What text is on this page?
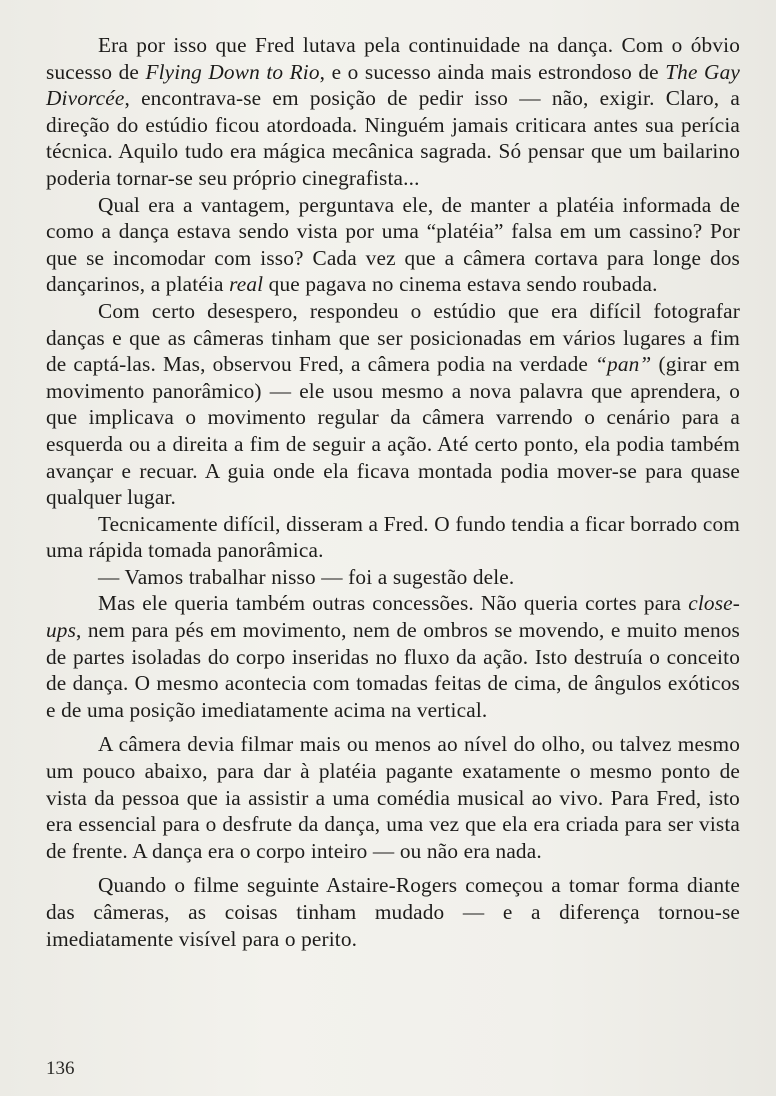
Era por isso que Fred lutava pela continuidade na dança. Com o óbvio sucesso de Flying Down to Rio, e o sucesso ainda mais estrondoso de The Gay Divorcée, encontrava-se em posição de pedir isso — não, exigir. Claro, a direção do estúdio ficou atordoada. Ninguém jamais criticara antes sua perícia técnica. Aquilo tudo era mágica mecânica sagrada. Só pensar que um bailarino poderia tornar-se seu próprio cinegrafista...

Qual era a vantagem, perguntava ele, de manter a platéia informada de como a dança estava sendo vista por uma “platéia” falsa em um cassino? Por que se incomodar com isso? Cada vez que a câmera cortava para longe dos dançarinos, a platéia real que pagava no cinema estava sendo roubada.

Com certo desespero, respondeu o estúdio que era difícil fotografar danças e que as câmeras tinham que ser posicionadas em vários lugares a fim de captá-las. Mas, observou Fred, a câmera podia na verdade “pan” (girar em movimento panorâmico) — ele usou mesmo a nova palavra que aprendera, o que implicava o movimento regular da câmera varrendo o cenário para a esquerda ou a direita a fim de seguir a ação. Até certo ponto, ela podia também avançar e recuar. A guia onde ela ficava montada podia mover-se para quase qualquer lugar.

Tecnicamente difícil, disseram a Fred. O fundo tendia a ficar borrado com uma rápida tomada panorâmica.

— Vamos trabalhar nisso — foi a sugestão dele.

Mas ele queria também outras concessões. Não queria cortes para close-ups, nem para pés em movimento, nem de ombros se movendo, e muito menos de partes isoladas do corpo inseridas no fluxo da ação. Isto destruía o conceito de dança. O mesmo acontecia com tomadas feitas de cima, de ângulos exóticos e de uma posição imediatamente acima na vertical.

A câmera devia filmar mais ou menos ao nível do olho, ou talvez mesmo um pouco abaixo, para dar à platéia pagante exatamente o mesmo ponto de vista da pessoa que ia assistir a uma comédia musical ao vivo. Para Fred, isto era essencial para o desfrute da dança, uma vez que ela era criada para ser vista de frente. A dança era o corpo inteiro — ou não era nada.

Quando o filme seguinte Astaire-Rogers começou a tomar forma diante das câmeras, as coisas tinham mudado — e a diferença tornou-se imediatamente visível para o perito.

136
